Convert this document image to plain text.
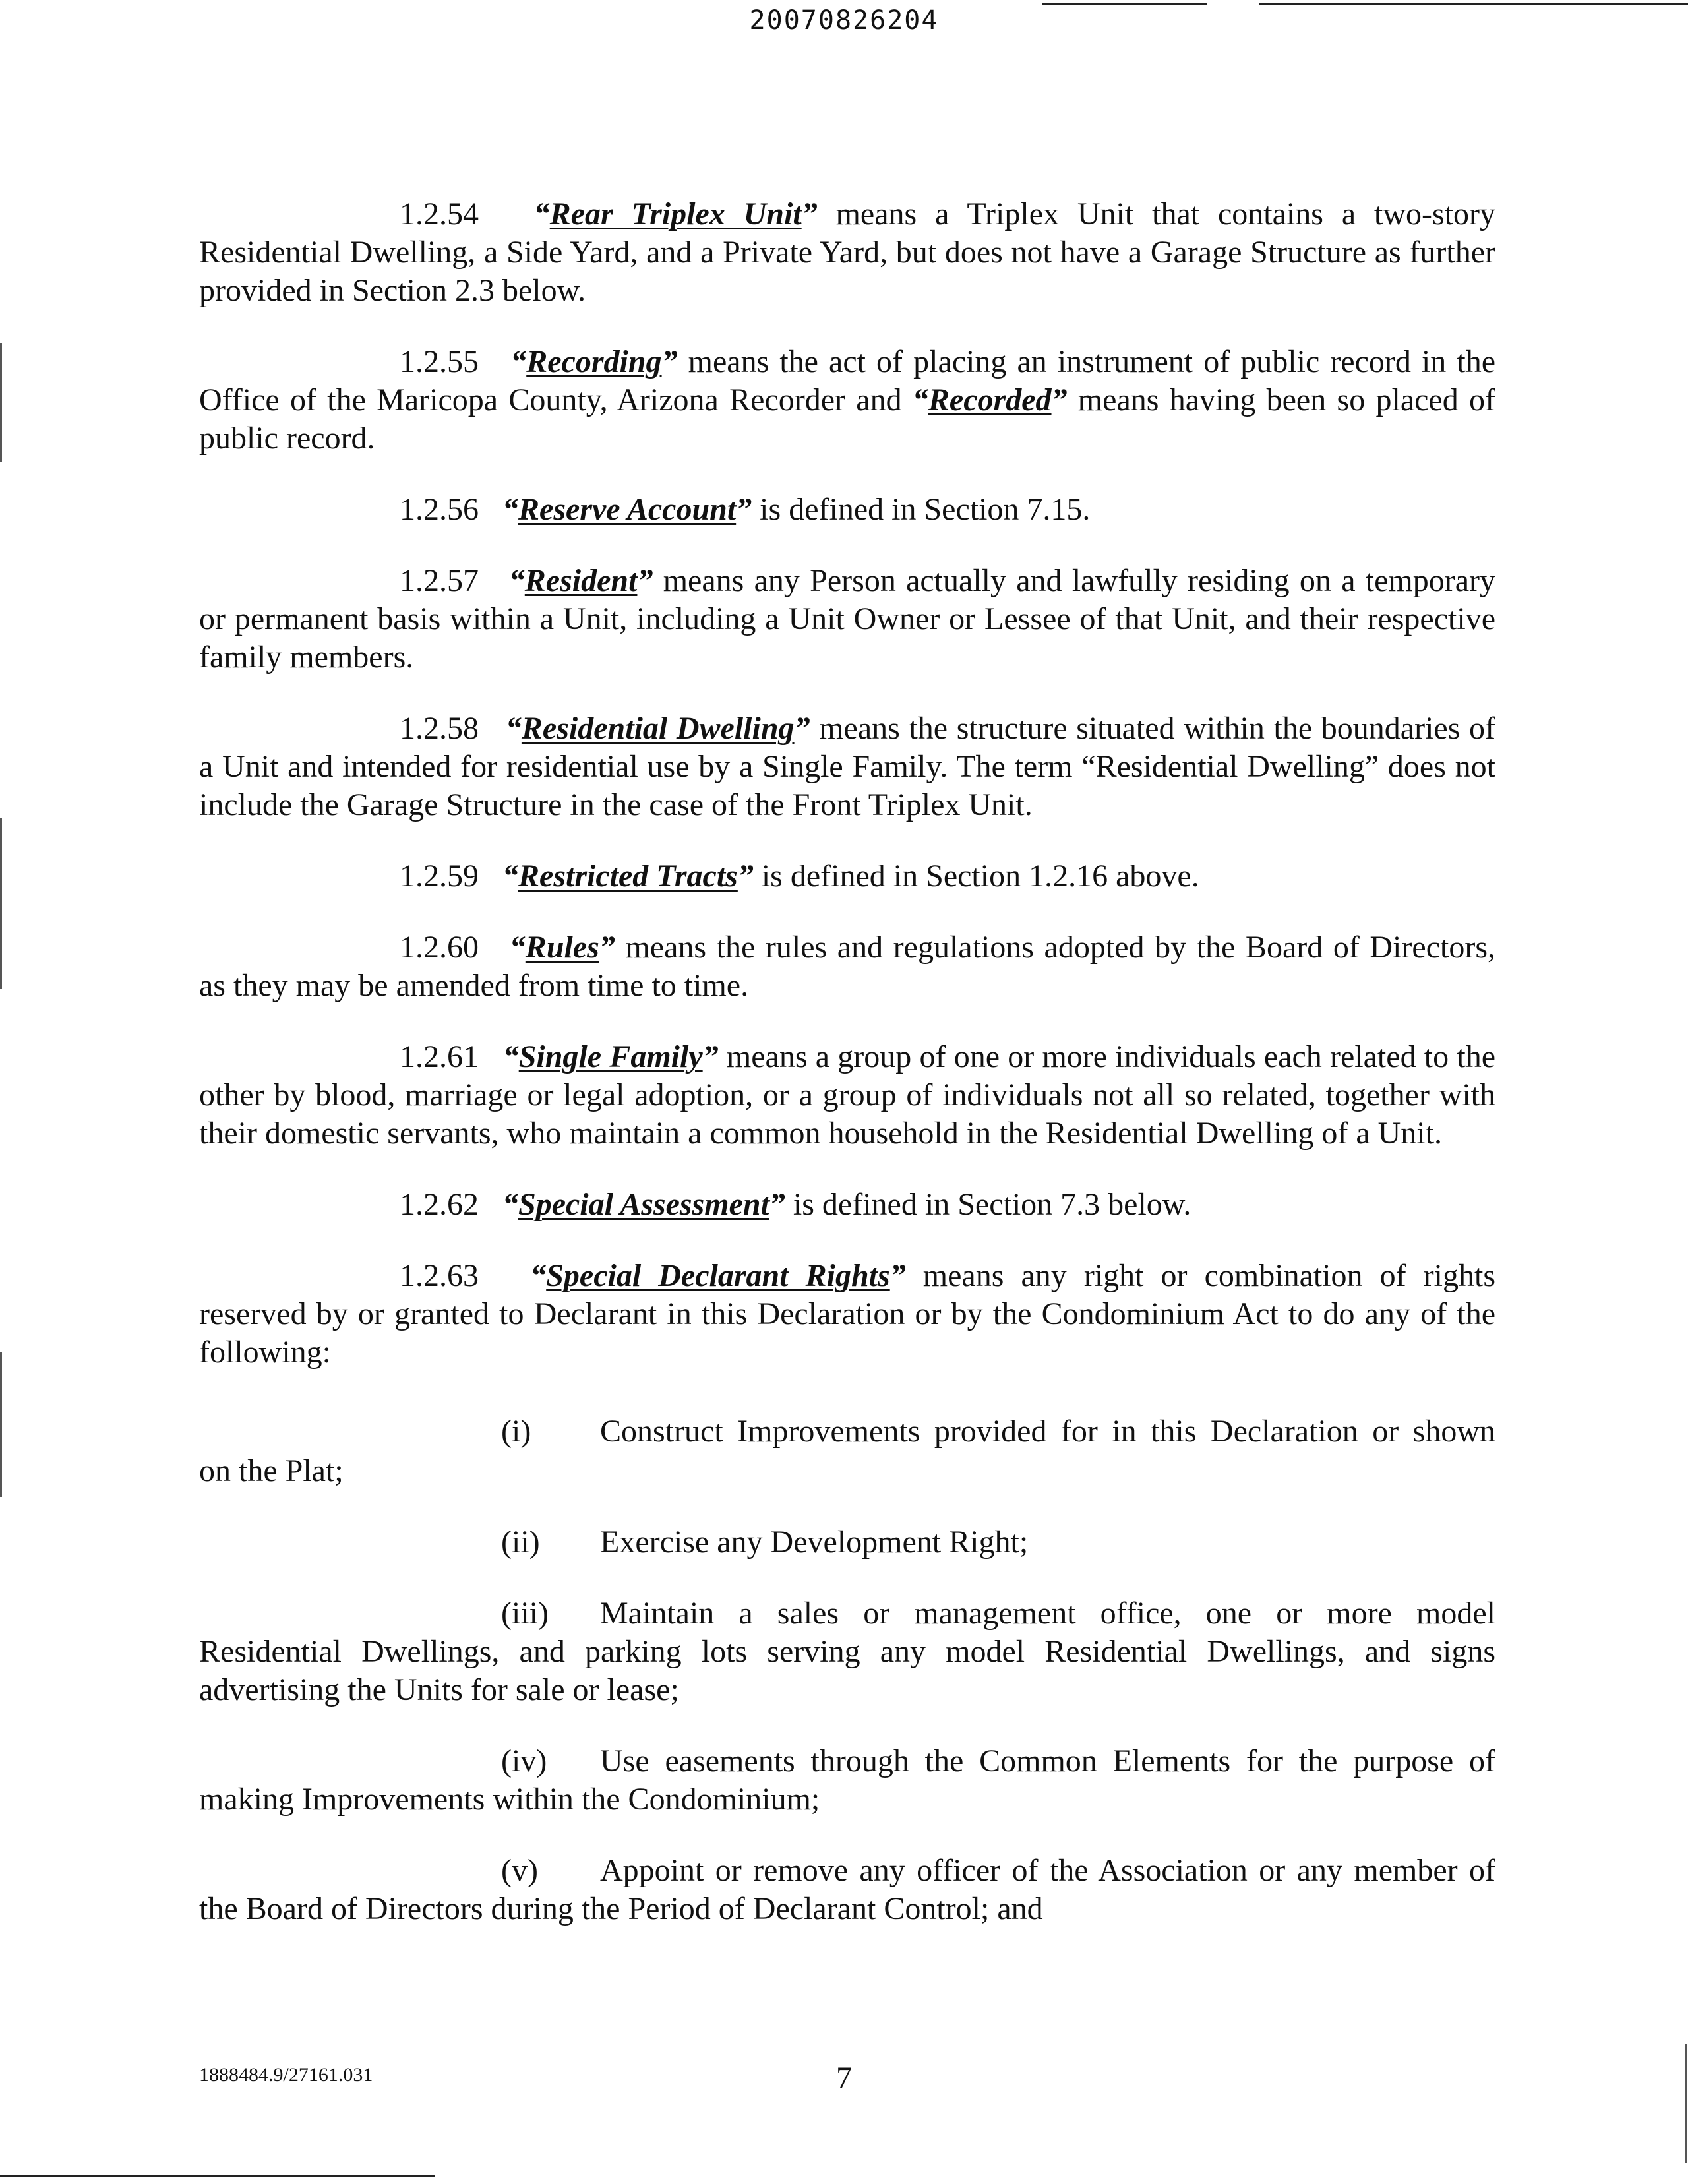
20070826204

1.2.54 “Rear Triplex Unit” means a Triplex Unit that contains a two-story Residential Dwelling, a Side Yard, and a Private Yard, but does not have a Garage Structure as further provided in Section 2.3 below.

1.2.55 “Recording” means the act of placing an instrument of public record in the Office of the Maricopa County, Arizona Recorder and “Recorded” means having been so placed of public record.

1.2.56 “Reserve Account” is defined in Section 7.15.

1.2.57 “Resident” means any Person actually and lawfully residing on a temporary or permanent basis within a Unit, including a Unit Owner or Lessee of that Unit, and their respective family members.

1.2.58 “Residential Dwelling” means the structure situated within the boundaries of a Unit and intended for residential use by a Single Family. The term “Residential Dwelling” does not include the Garage Structure in the case of the Front Triplex Unit.

1.2.59 “Restricted Tracts” is defined in Section 1.2.16 above.

1.2.60 “Rules” means the rules and regulations adopted by the Board of Directors, as they may be amended from time to time.

1.2.61 “Single Family” means a group of one or more individuals each related to the other by blood, marriage or legal adoption, or a group of individuals not all so related, together with their domestic servants, who maintain a common household in the Residential Dwelling of a Unit.

1.2.62 “Special Assessment” is defined in Section 7.3 below.

1.2.63 “Special Declarant Rights” means any right or combination of rights reserved by or granted to Declarant in this Declaration or by the Condominium Act to do any of the following:

(i)	Construct Improvements provided for in this Declaration or shown
on the Plat;

(ii) Exercise any Development Right;

(iii) Maintain a sales or management office, one or more model Residential Dwellings, and parking lots serving any model Residential Dwellings, and signs advertising the Units for sale or lease;

(iv) Use easements through the Common Elements for the purpose of making Improvements within the Condominium;

(v) Appoint or remove any officer of the Association or any member of the Board of Directors during the Period of Declarant Control; and

1888484.9/27161.031	7
